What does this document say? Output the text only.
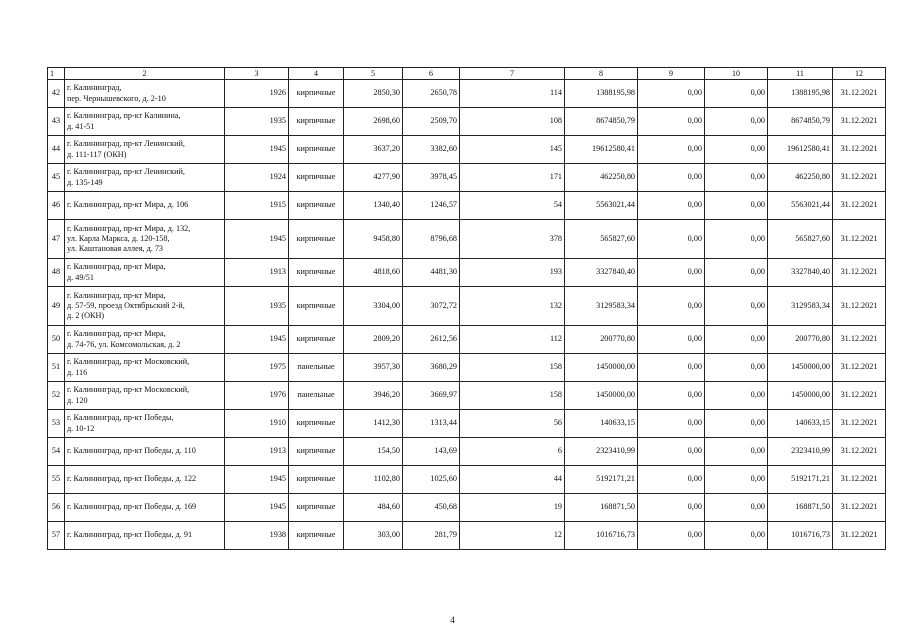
1	2	3	4	5	6	7	8	9	10	11	12
42	г. Калининград,
пер. Чернышевского, д. 2-10	1926	кирпичные	2850,30	2650,78	114	1388195,98	0,00	0,00	1388195,98	31.12.2021
43	г. Калининград, пр-кт Калинина,
д. 41-51	1935	кирпичные	2698,60	2509,70	108	8674850,79	0,00	0,00	8674850,79	31.12.2021
44	г. Калининград, пр-кт Ленинский,
д. 111-117 (ОКН)	1945	кирпичные	3637,20	3382,60	145	19612580,41	0,00	0,00	19612580,41	31.12.2021
45	г. Калининград, пр-кт Ленинский,
д. 135-149	1924	кирпичные	4277,90	3978,45	171	462250,80	0,00	0,00	462250,80	31.12.2021
46	г. Калининград, пр-кт Мира, д. 106	1915	кирпичные	1340,40	1246,57	54	5563021,44	0,00	0,00	5563021,44	31.12.2021
47	г. Калининград, пр-кт Мира, д. 132,
ул. Карла Маркса, д. 120-158,
ул. Каштановая аллея, д. 73	1945	кирпичные	9458,80	8796,68	378	565827,60	0,00	0,00	565827,60	31.12.2021
48	г. Калининград, пр-кт Мира,
д. 49/51	1913	кирпичные	4818,60	4481,30	193	3327840,40	0,00	0,00	3327840,40	31.12.2021
49	г. Калининград, пр-кт Мира,
д. 57-59, проезд Октябрьский 2-й,
д. 2 (ОКН)	1935	кирпичные	3304,00	3072,72	132	3129583,34	0,00	0,00	3129583,34	31.12.2021
50	г. Калининград, пр-кт Мира,
д. 74-76, ул. Комсомольская, д. 2	1945	кирпичные	2809,20	2612,56	112	200770,80	0,00	0,00	200770,80	31.12.2021
51	г. Калининград, пр-кт Московский,
д. 116	1975	панельные	3957,30	3680,29	158	1450000,00	0,00	0,00	1450000,00	31.12.2021
52	г. Калининград, пр-кт Московский,
д. 120	1976	панельные	3946,20	3669,97	158	1450000,00	0,00	0,00	1450000,00	31.12.2021
53	г. Калининград, пр-кт Победы,
д. 10-12	1910	кирпичные	1412,30	1313,44	56	140633,15	0,00	0,00	140633,15	31.12.2021
54	г. Калининград, пр-кт Победы, д. 110	1913	кирпичные	154,50	143,69	6	2323410,99	0,00	0,00	2323410,99	31.12.2021
55	г. Калининград, пр-кт Победы, д. 122	1945	кирпичные	1102,80	1025,60	44	5192171,21	0,00	0,00	5192171,21	31.12.2021
56	г. Калининград, пр-кт Победы, д. 169	1945	кирпичные	484,60	450,68	19	168871,50	0,00	0,00	168871,50	31.12.2021
57	г. Калининград, пр-кт Победы, д. 91	1938	кирпичные	303,00	281,79	12	1016716,73	0,00	0,00	1016716,73	31.12.2021
4
